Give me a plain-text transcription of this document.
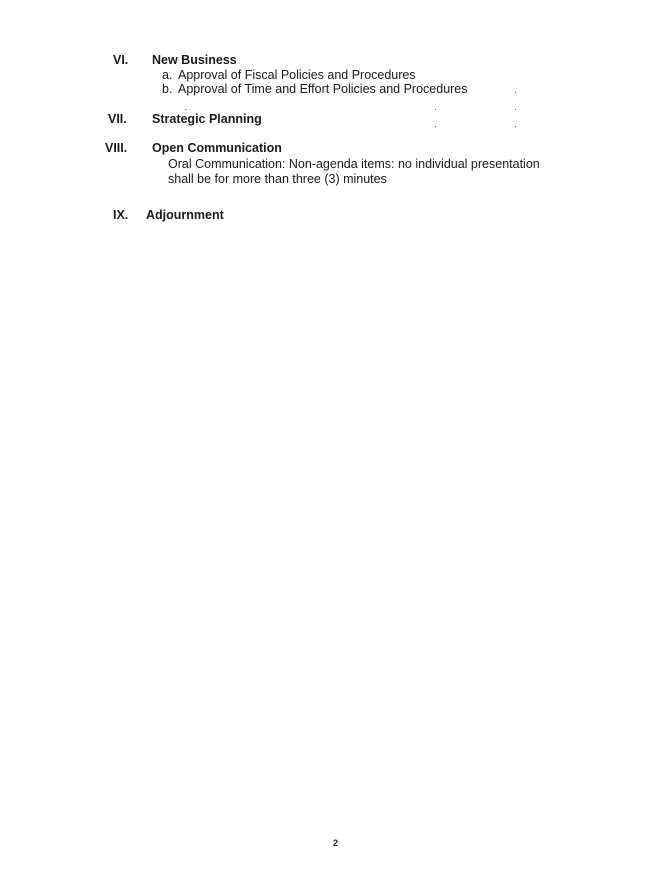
VI. New Business
a. Approval of Fiscal Policies and Procedures
b. Approval of Time and Effort Policies and Procedures
VII. Strategic Planning
VIII. Open Communication
Oral Communication: Non-agenda items: no individual presentation
shall be for more than three (3) minutes
IX. Adjournment
2
